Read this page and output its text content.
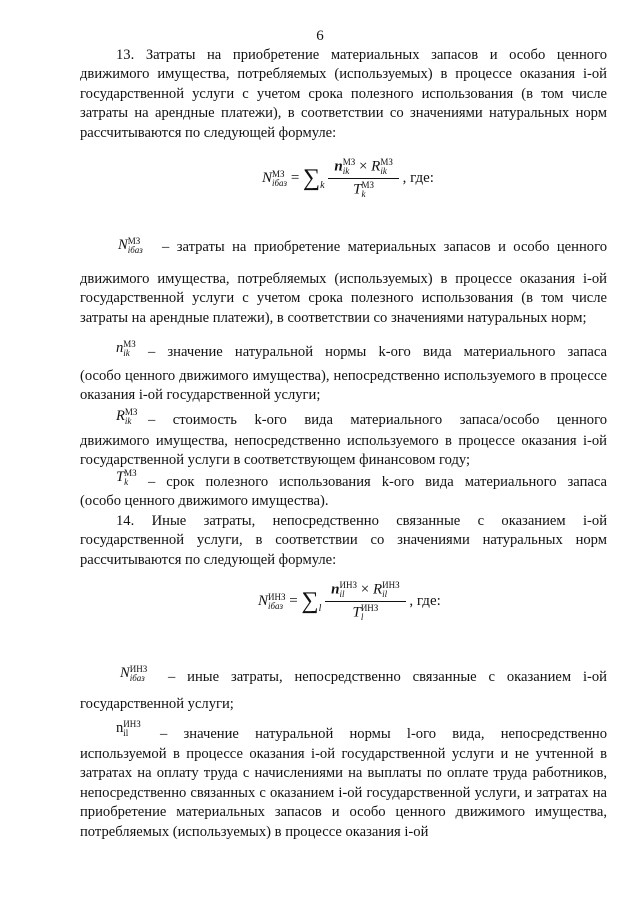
6

13. Затраты на приобретение материальных запасов и особо ценного движимого имущества, потребляемых (используемых) в процессе оказания i-ой государственной услуги с учетом срока полезного использования (в том числе затраты на арендные платежи), в соответствии со значениями натуральных норм рассчитываются по следующей формуле:

NМЗ
iбаз = $\sum_k$
nМЗ
ik × RМЗ
ik
TМЗ
k
, где:
NМЗ
iбаз	– затраты на приобретение материальных запасов и особо ценного

движимого имущества, потребляемых (используемых) в процессе оказания i-ой государственной услуги с учетом срока полезного использования (в том числе затраты на арендные платежи), в соответствии со значениями натуральных норм;

nМЗ
ik	– значение натуральной нормы k-ого вида материального запаса

(особо ценного движимого имущества), непосредственно используемого в процессе оказания i-ой государственной услуги;

RМЗ
ik	– стоимость k-ого вида материального запаса/особо ценного

движимого имущества, непосредственно используемого в процессе оказания i-ой государственной услуги в соответствующем финансовом году;

TМЗ
k	– срок полезного использования k-ого вида материального запаса

(особо ценного движимого имущества).

14. Иные затраты, непосредственно связанные с оказанием i-ой государственной услуги, в соответствии со значениями натуральных норм рассчитываются по следующей формуле:

NИНЗ
iбаз = $\sum_l$
nИНЗ
il × RИНЗ
il
TИНЗ
l
, где:
NИНЗ
iбаз	– иные затраты, непосредственно связанные с оказанием i-ой

государственной услуги;

nИНЗ
il	– значение натуральной нормы l-ого вида, непосредственно

используемой в процессе оказания i-ой государственной услуги и не учтенной в затратах на оплату труда с начислениями на выплаты по оплате труда работников, непосредственно связанных с оказанием i-ой государственной услуги, и затратах на приобретение материальных запасов и особо ценного движимого имущества, потребляемых (используемых) в процессе оказания i-ой
